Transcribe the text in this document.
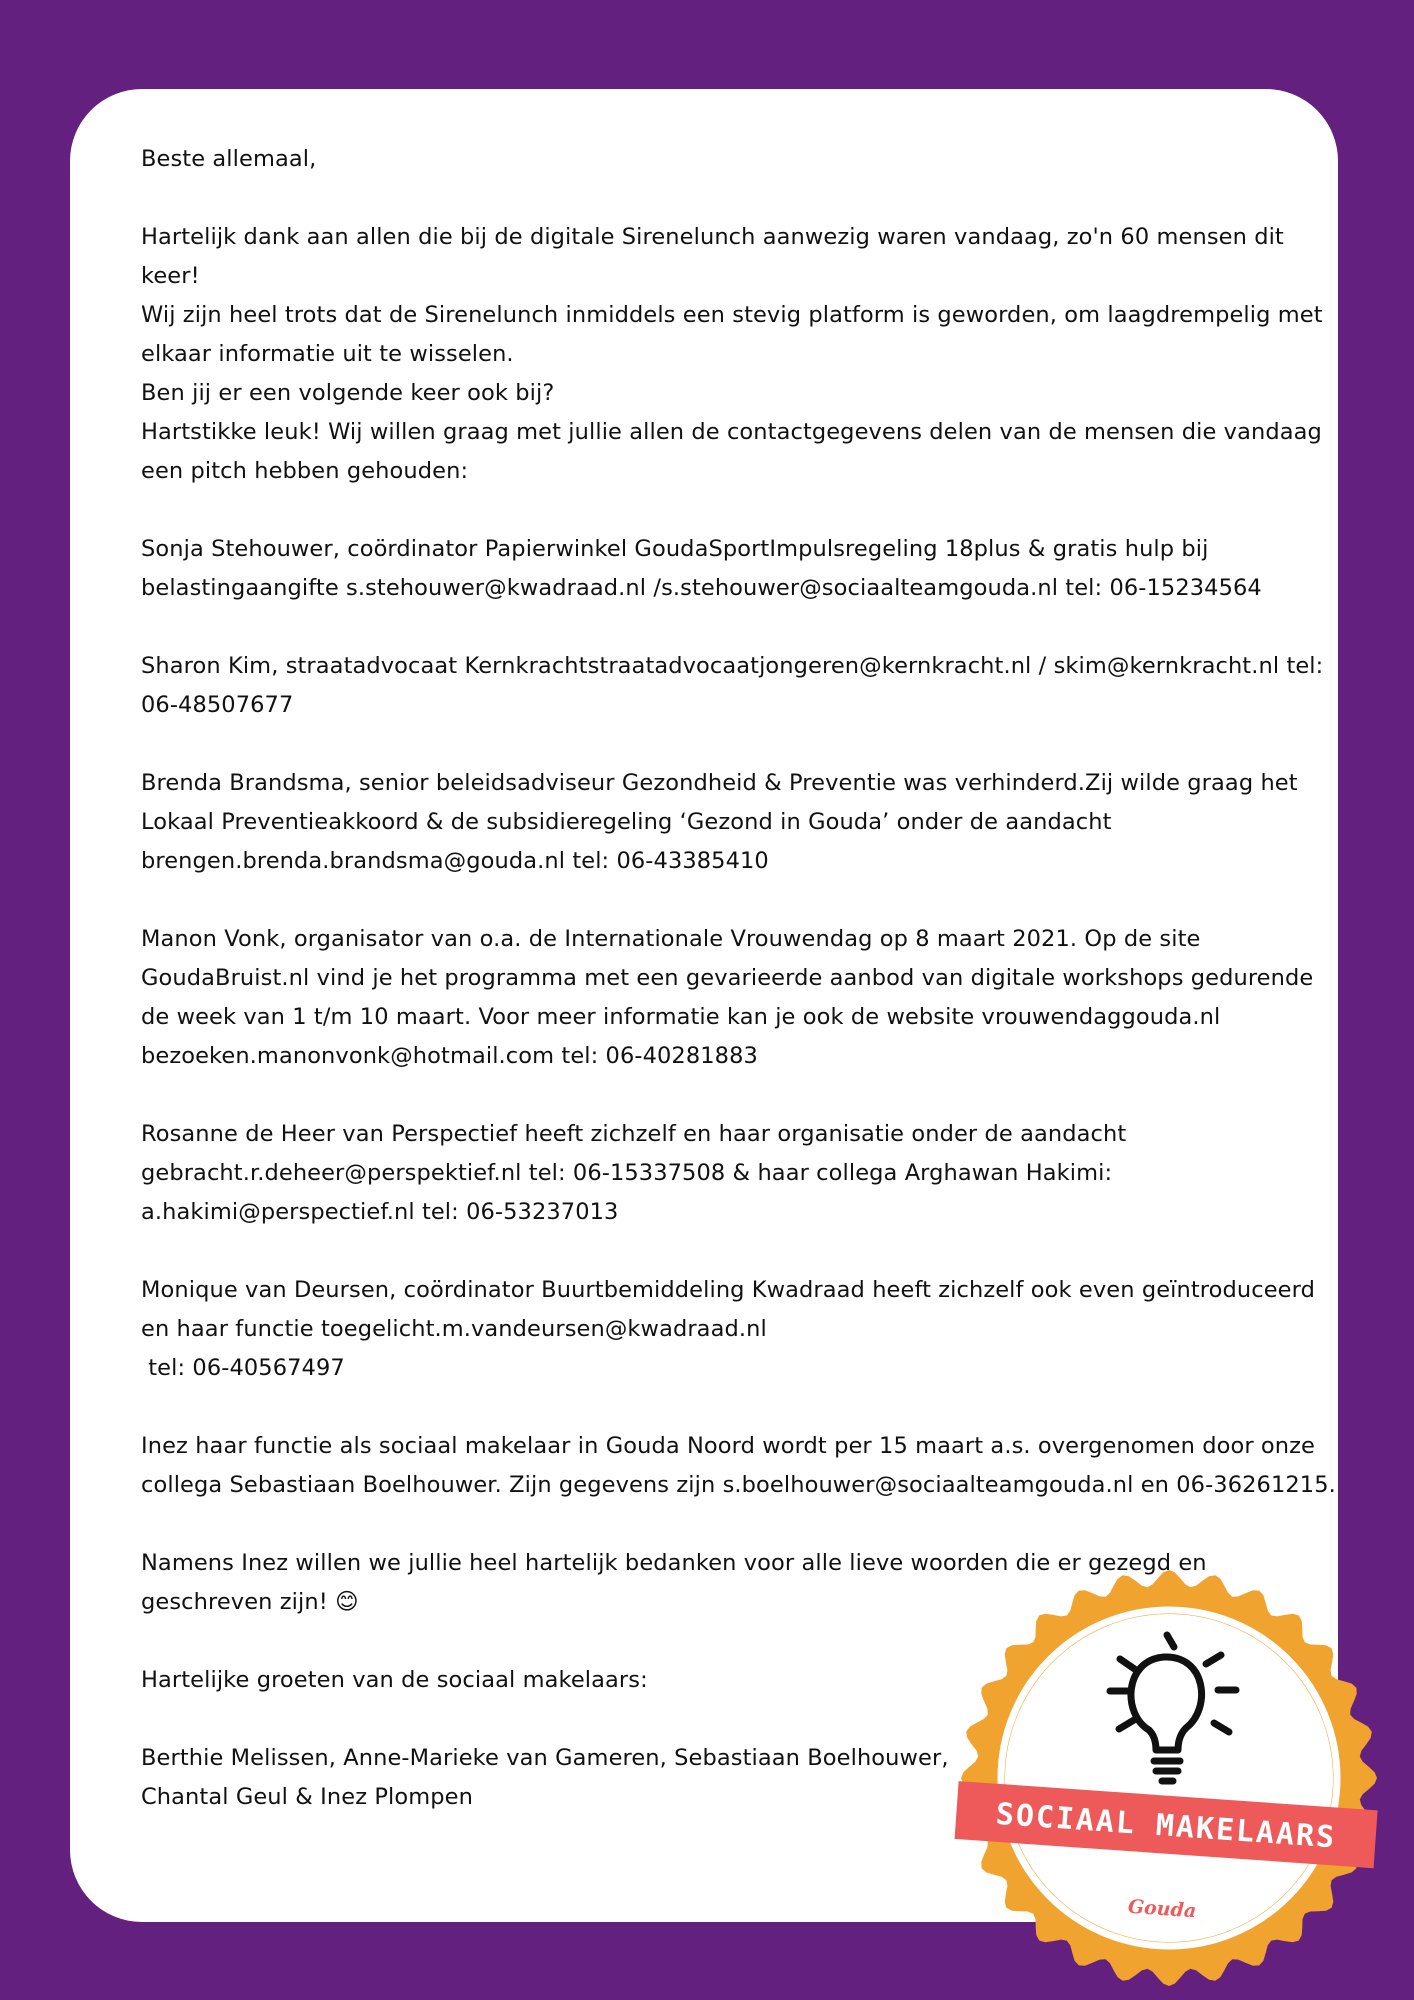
Beste allemaal,

Hartelijk dank aan allen die bij de digitale Sirenelunch aanwezig waren vandaag, zo'n 60 mensen dit keer!
Wij zijn heel trots dat de Sirenelunch inmiddels een stevig platform is geworden, om laagdrempelig met elkaar informatie uit te wisselen.
Ben jij er een volgende keer ook bij?
Hartstikke leuk! Wij willen graag met jullie allen de contactgegevens delen van de mensen die vandaag een pitch hebben gehouden:

Sonja Stehouwer, coördinator Papierwinkel GoudaSportImpulsregeling 18plus & gratis hulp bij belastingaangifte s.stehouwer@kwadraad.nl /s.stehouwer@sociaalteamgouda.nl tel: 06-15234564

Sharon Kim, straatadvocaat Kernkrachtstraatadvocaatjongeren@kernkracht.nl / skim@kernkracht.nl tel: 06-48507677

Brenda Brandsma, senior beleidsadviseur Gezondheid & Preventie was verhinderd.Zij wilde graag het Lokaal Preventieakkoord & de subsidieregeling ‘Gezond in Gouda’ onder de aandacht brengen.brenda.brandsma@gouda.nl tel: 06-43385410

Manon Vonk, organisator van o.a. de Internationale Vrouwendag op 8 maart 2021. Op de site GoudaBruist.nl vind je het programma met een gevarieerde aanbod van digitale workshops gedurende de week van 1 t/m 10 maart. Voor meer informatie kan je ook de website vrouwendaggouda.nl bezoeken.manonvonk@hotmail.com tel: 06-40281883

Rosanne de Heer van Perspectief heeft zichzelf en haar organisatie onder de aandacht gebracht.r.deheer@perspektief.nl tel: 06-15337508 & haar collega Arghawan Hakimi: a.hakimi@perspectief.nl tel: 06-53237013

Monique van Deursen, coördinator Buurtbemiddeling Kwadraad heeft zichzelf ook even geïntroduceerd en haar functie toegelicht.m.vandeursen@kwadraad.nl
tel: 06-40567497

Inez haar functie als sociaal makelaar in Gouda Noord wordt per 15 maart a.s. overgenomen door onze collega Sebastiaan Boelhouwer. Zijn gegevens zijn s.boelhouwer@sociaalteamgouda.nl en 06-36261215.

Namens Inez willen we jullie heel hartelijk bedanken voor alle lieve woorden die er gezegd en geschreven zijn! 😊

Hartelijke groeten van de sociaal makelaars:

Berthie Melissen, Anne-Marieke van Gameren, Sebastiaan Boelhouwer,
Chantal Geul & Inez Plompen	SOCIAAL MAKELAARS
Gouda
